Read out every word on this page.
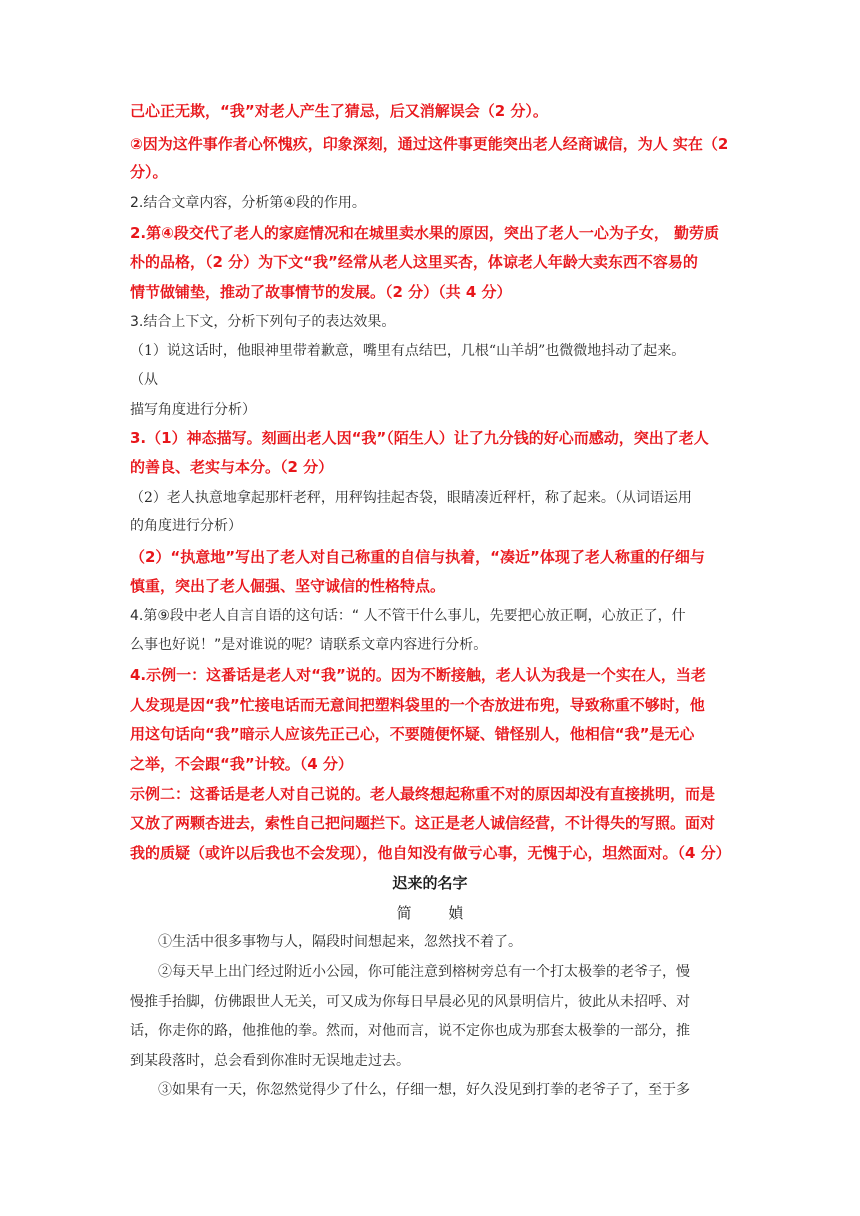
己心正无欺，“我”对老人产生了猜忌，后又消解误会（2 分）。
②因为这件事作者心怀愧疚，印象深刻，通过这件事更能突出老人经商诚信，为人 实在（2
分）。
2.结合文章内容，分析第④段的作用。
2.第④段交代了老人的家庭情况和在城里卖水果的原因，突出了老人一心为子女， 勤劳质
朴的品格，（2 分）为下文“我”经常从老人这里买杏，体谅老人年龄大卖东西不容易的
情节做铺垫，推动了故事情节的发展。（2 分）（共 4 分）
3.结合上下文，分析下列句子的表达效果。
（1）说这话时，他眼神里带着歉意，嘴里有点结巴，几根“山羊胡”也微微地抖动了起来。
（从
描写角度进行分析）
3.（1）神态描写。刻画出老人因“我”（陌生人）让了九分钱的好心而感动，突出了老人
的善良、老实与本分。（2 分）
（2）老人执意地拿起那杆老秤，用秤钩挂起杏袋，眼睛凑近秤杆，称了起来。（从词语运用
的角度进行分析）
（2）“执意地”写出了老人对自己称重的自信与执着，“凑近”体现了老人称重的仔细与
慎重，突出了老人倔强、坚守诚信的性格特点。
4.第⑨段中老人自言自语的这句话：“ 人不管干什么事儿，先要把心放正啊，心放正了，什
么事也好说！”是对谁说的呢？请联系文章内容进行分析。
4.示例一：这番话是老人对“我”说的。因为不断接触，老人认为我是一个实在人，当老
人发现是因“我”忙接电话而无意间把塑料袋里的一个杏放进布兜，导致称重不够时，他
用这句话向“我”暗示人应该先正己心，不要随便怀疑、错怪别人，他相信“我”是无心
之举，不会跟“我”计较。（4 分）
示例二：这番话是老人对自己说的。老人最终想起称重不对的原因却没有直接挑明，而是
又放了两颗杏进去，索性自己把问题拦下。这正是老人诚信经营，不计得失的写照。面对
我的质疑（或许以后我也不会发现），他自知没有做亏心事，无愧于心，坦然面对。（4 分）
迟来的名字
简 媜
①生活中很多事物与人，隔段时间想起来，忽然找不着了。
②每天早上出门经过附近小公园，你可能注意到榕树旁总有一个打太极拳的老爷子，慢
慢推手抬脚，仿佛跟世人无关，可又成为你每日早晨必见的风景明信片，彼此从未招呼、对
话，你走你的路，他推他的拳。然而，对他而言，说不定你也成为那套太极拳的一部分，推
到某段落时，总会看到你准时无误地走过去。
③如果有一天，你忽然觉得少了什么，仔细一想，好久没见到打拳的老爷子了，至于多
